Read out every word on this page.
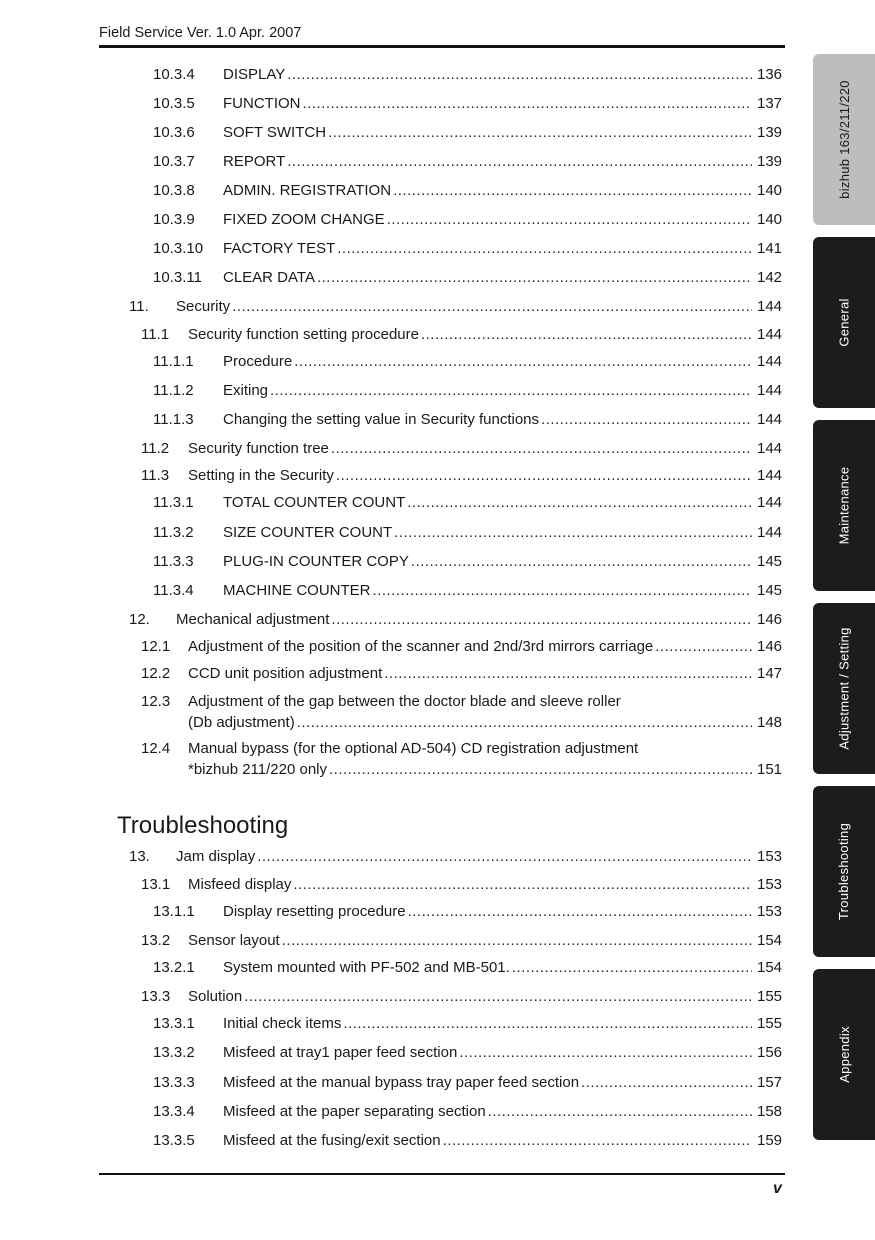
Field Service Ver. 1.0 Apr. 2007
10.3.4 DISPLAY .....	136
10.3.5 FUNCTION .....	137
10.3.6 SOFT SWITCH .....	139
10.3.7 REPORT .....	139
10.3.8 ADMIN. REGISTRATION .....	140
10.3.9 FIXED ZOOM CHANGE .....	140
10.3.10 FACTORY TEST .....	141
10.3.11 CLEAR DATA .....	142
11. Security .....	144
11.1 Security function setting procedure .....	144
11.1.1 Procedure .....	144
11.1.2 Exiting .....	144
11.1.3 Changing the setting value in Security functions .....	144
11.2 Security function tree .....	144
11.3 Setting in the Security .....	144
11.3.1 TOTAL COUNTER COUNT .....	144
11.3.2 SIZE COUNTER COUNT .....	144
11.3.3 PLUG-IN COUNTER COPY .....	145
11.3.4 MACHINE COUNTER .....	145
12. Mechanical adjustment .....	146
12.1 Adjustment of the position of the scanner and 2nd/3rd mirrors carriage .....	146
12.2 CCD unit position adjustment .....	147
12.3 Adjustment of the gap between the doctor blade and sleeve roller
(Db adjustment) .....	148
12.4 Manual bypass (for the optional AD-504) CD registration adjustment
*bizhub 211/220 only .....	151
13. Jam display .....	153
13.1 Misfeed display .....	153
13.1.1 Display resetting procedure .....	153
13.2 Sensor layout .....	154
13.2.1 System mounted with PF-502 and MB-501. .....	154
13.3 Solution .....	155
13.3.1 Initial check items .....	155
13.3.2 Misfeed at tray1 paper feed section .....	156
13.3.3 Misfeed at the manual bypass tray paper feed section .....	157
13.3.4 Misfeed at the paper separating section .....	158
13.3.5 Misfeed at the fusing/exit section .....	159
Troubleshooting
bizhub 163/211/220
General
Maintenance
Adjustment / Setting
Troubleshooting
Appendix
v
